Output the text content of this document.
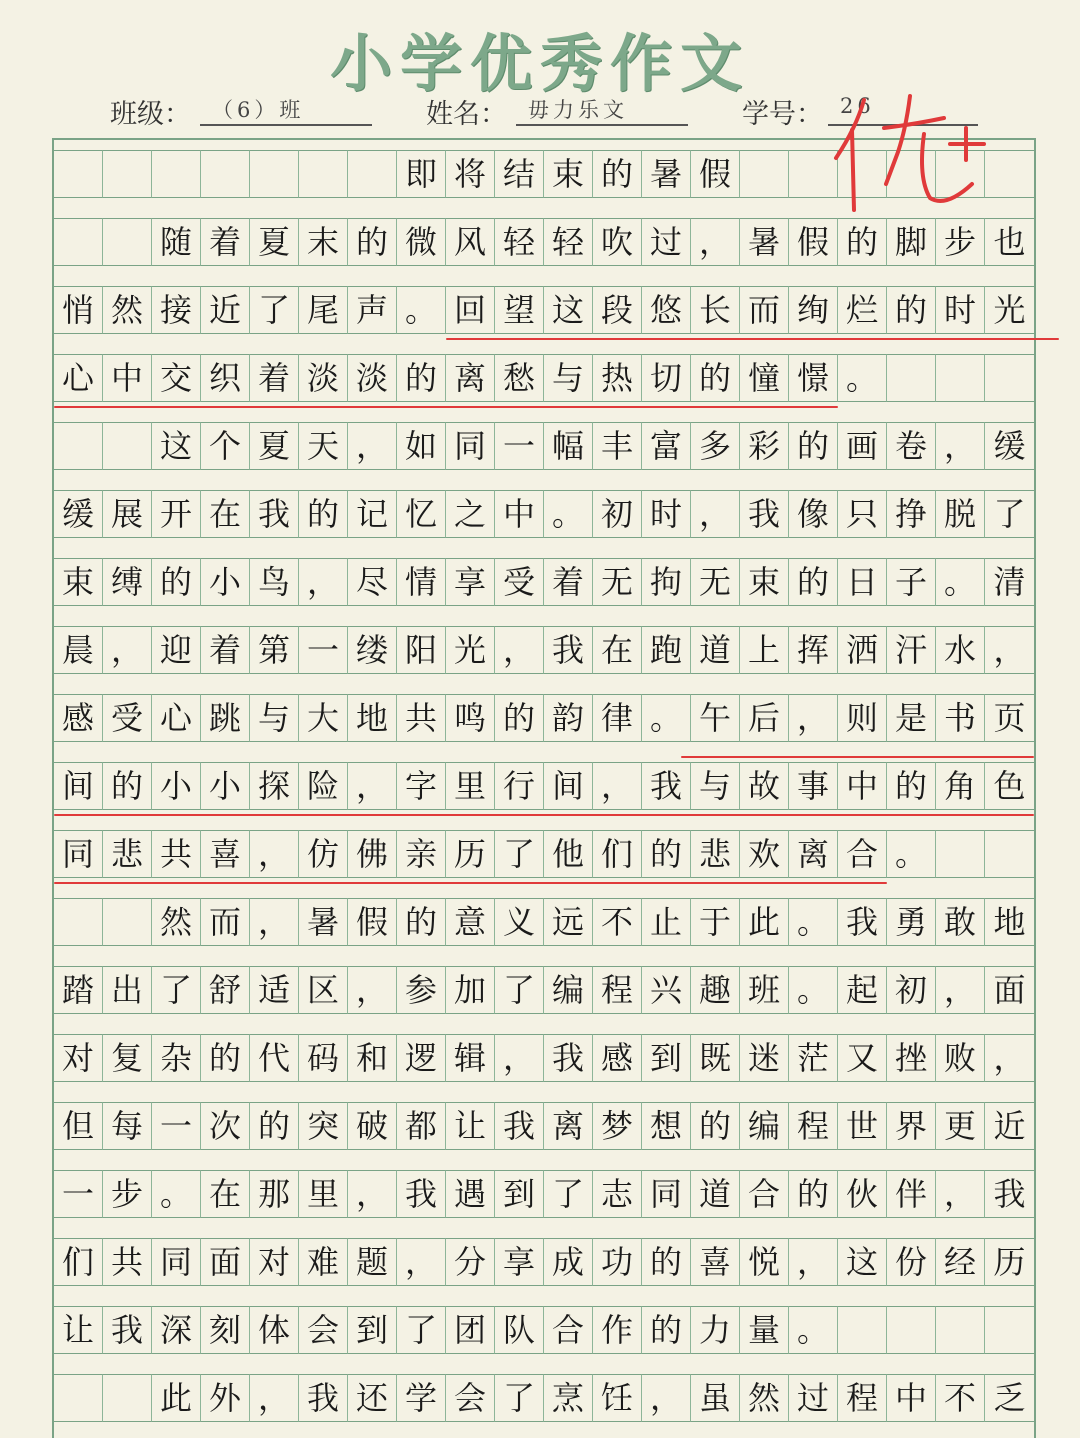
小学优秀作文
班级：	（6）班	姓名：	毋力乐文	学号： 26
即 将 结 束 的 暑 假
随 着 夏 末 的 微 风 轻 轻 吹 过 ， 暑 假 的 脚 步 也
悄 然 接 近 了 尾 声 。 回 望 这 段 悠 长 而 绚 烂 的 时 光
心 中 交 织 着 淡 淡 的 离 愁 与 热 切 的 憧 憬 。
这 个 夏 天 ， 如 同 一 幅 丰 富 多 彩 的 画 卷 ， 缓
缓 展 开 在 我 的 记 忆 之 中 。 初 时 ， 我 像 只 挣 脱 了
束 缚 的 小 鸟 ， 尽 情 享 受 着 无 拘 无 束 的 日 子 。 清
晨 ， 迎 着 第 一 缕 阳 光 ， 我 在 跑 道 上 挥 洒 汗 水 ，
感 受 心 跳 与 大 地 共 鸣 的 韵 律 。 午 后 ， 则 是 书 页
间 的 小 小 探 险 ， 字 里 行 间 ， 我 与 故 事 中 的 角 色
同 悲 共 喜 ， 仿 佛 亲 历 了 他 们 的 悲 欢 离 合 。
然 而 ， 暑 假 的 意 义 远 不 止 于 此 。 我 勇 敢 地
踏 出 了 舒 适 区 ， 参 加 了 编 程 兴 趣 班 。 起 初 ， 面
对 复 杂 的 代 码 和 逻 辑 ， 我 感 到 既 迷 茫 又 挫 败 ，
但 每 一 次 的 突 破 都 让 我 离 梦 想 的 编 程 世 界 更 近
一 步 。 在 那 里 ， 我 遇 到 了 志 同 道 合 的 伙 伴 ， 我
们 共 同 面 对 难 题 ， 分 享 成 功 的 喜 悦 ， 这 份 经 历
让 我 深 刻 体 会 到 了 团 队 合 作 的 力 量 。
此 外 ， 我 还 学 会 了 烹 饪 ， 虽 然 过 程 中 不 乏
